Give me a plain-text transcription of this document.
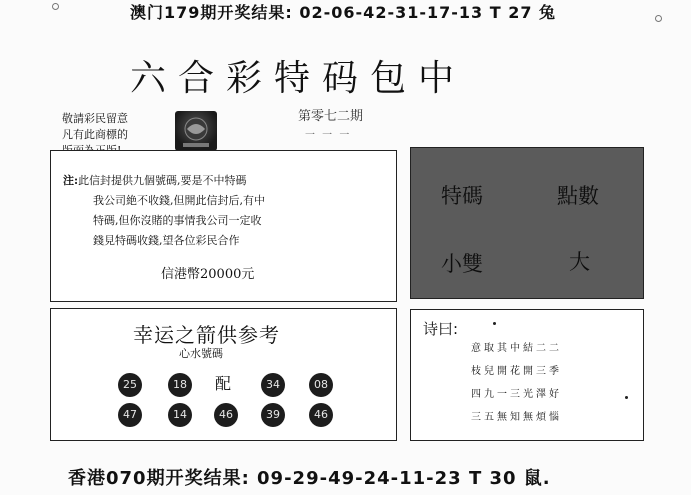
澳门179期开奖结果: 02-06-42-31-17-13 T 27 兔
六合彩特码包中
敬請彩民留意
凡有此商標的
第零七二期
一 一 一
注:此信封提供九個號碼,要是不中特碼
我公司絶不收錢,但開此信封后,有中
特碼,但你沒賭的事情我公司一定收
錢見特碼收錢,望各位彩民合作
信港幣20000元
特碼	點數
小雙	大
幸运之箭供参考
心水號碼
25	18	配	34	08
47	14	46	39	46
诗曰:
意取其中結二二
枝兒開花開三季
四九一三光澤好
三五無知無煩惱
香港070期开奖结果: 09-29-49-24-11-23 T 30 鼠.
